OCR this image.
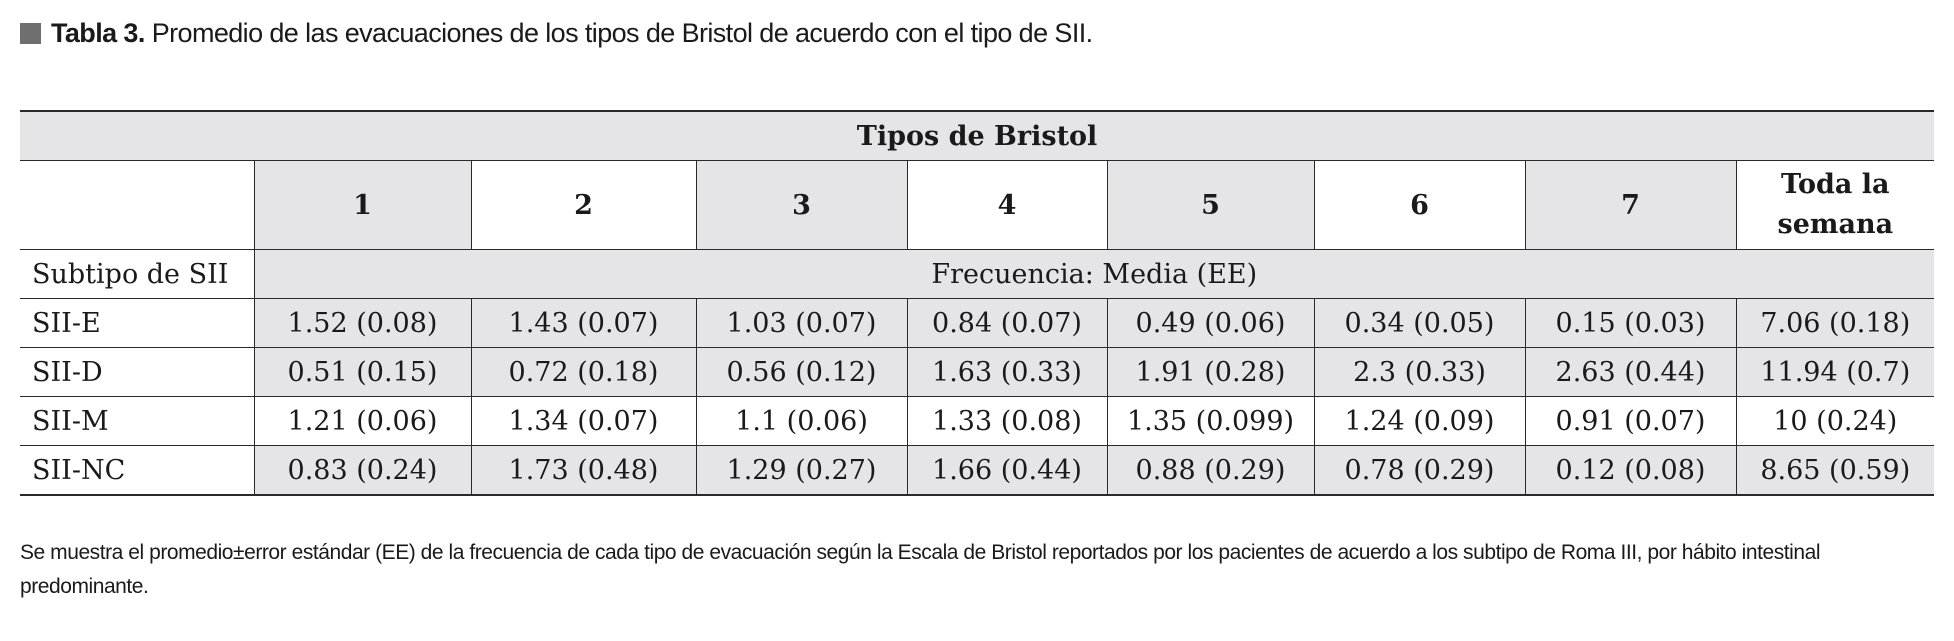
Tabla 3. Promedio de las evacuaciones de los tipos de Bristol de acuerdo con el tipo de SII.
Tipos de Bristol								
	1	2	3	4	5	6	7	Toda la semana
Subtipo de SII	Frecuencia: Media (EE)							
SII-E	1.52 (0.08)	1.43 (0.07)	1.03 (0.07)	0.84 (0.07)	0.49 (0.06)	0.34 (0.05)	0.15 (0.03)	7.06 (0.18)
SII-D	0.51 (0.15)	0.72 (0.18)	0.56 (0.12)	1.63 (0.33)	1.91 (0.28)	2.3 (0.33)	2.63 (0.44)	11.94 (0.7)
SII-M	1.21 (0.06)	1.34 (0.07)	1.1 (0.06)	1.33 (0.08)	1.35 (0.099)	1.24 (0.09)	0.91 (0.07)	10 (0.24)
SII-NC	0.83 (0.24)	1.73 (0.48)	1.29 (0.27)	1.66 (0.44)	0.88 (0.29)	0.78 (0.29)	0.12 (0.08)	8.65 (0.59)
Se muestra el promedio±error estándar (EE) de la frecuencia de cada tipo de evacuación según la Escala de Bristol reportados por los pacientes de acuerdo a los subtipo de Roma III, por hábito intestinal predominante.
